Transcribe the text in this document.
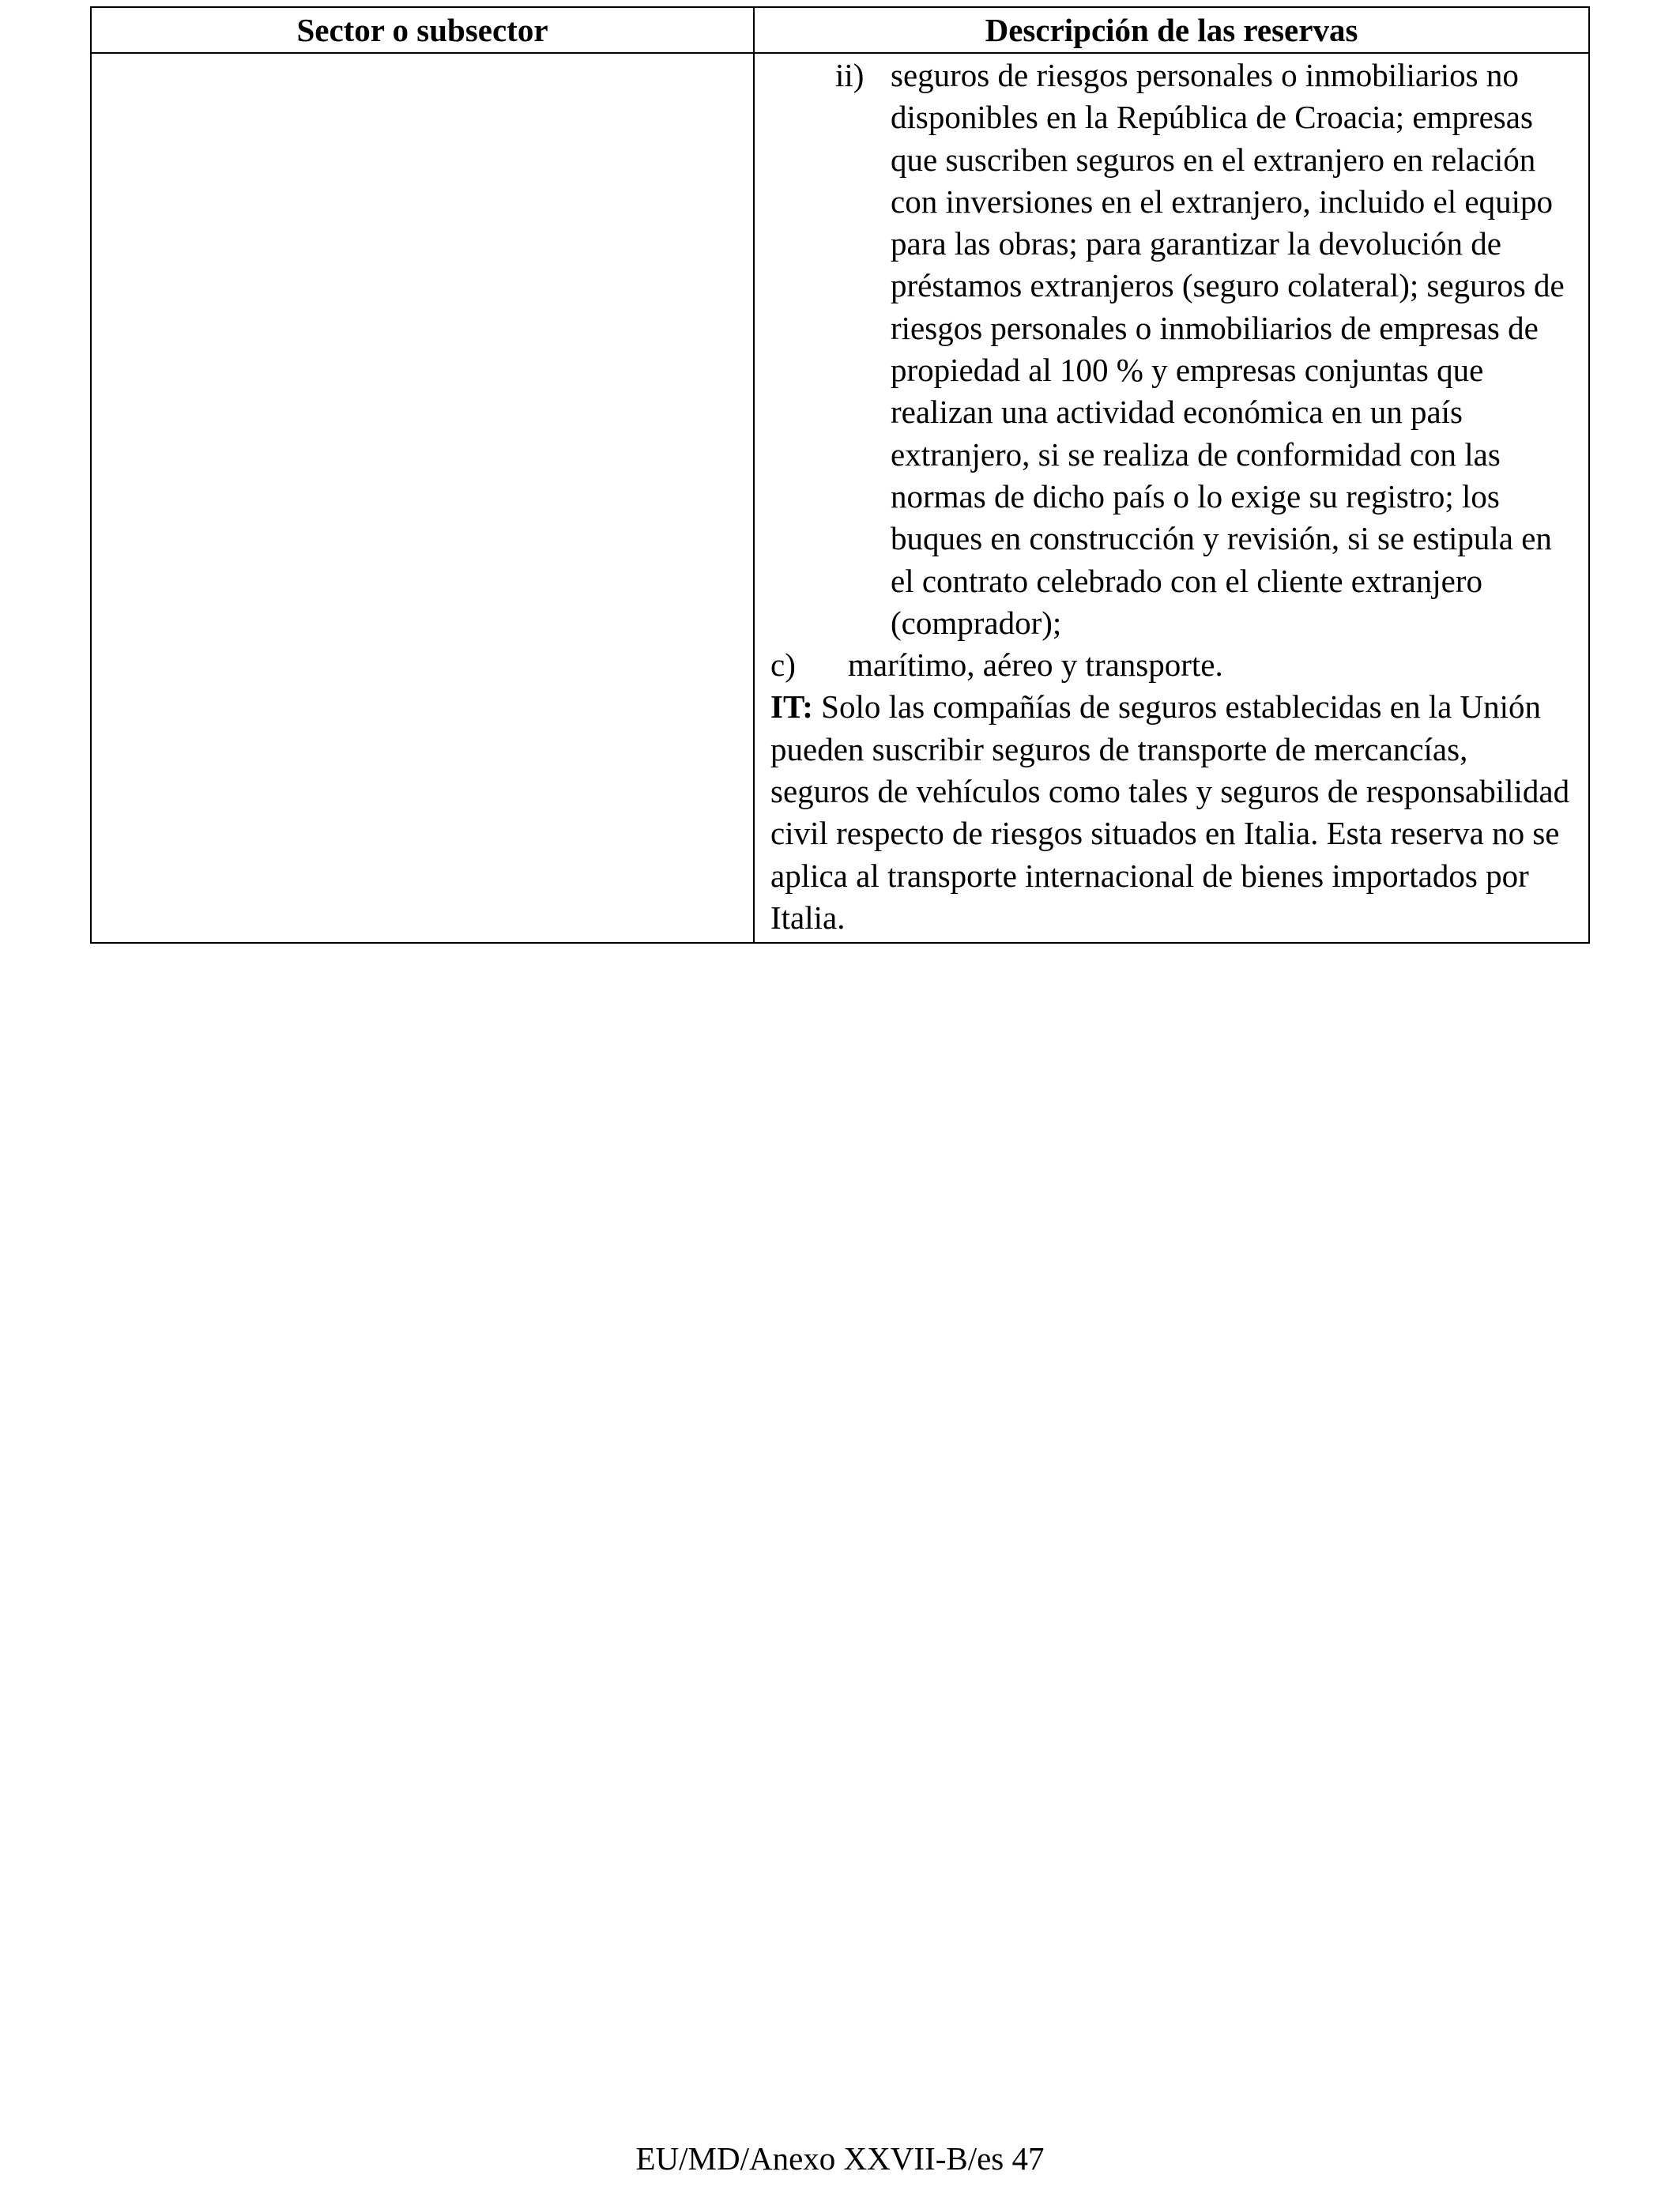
Sector o subsector	Descripción de las reservas

	ii) seguros de riesgos personales o inmobiliarios no disponibles en la República de Croacia; empresas que suscriben seguros en el extranjero en relación con inversiones en el extranjero, incluido el equipo para las obras; para garantizar la devolución de préstamos extranjeros (seguro colateral); seguros de riesgos personales o inmobiliarios de empresas de propiedad al 100 % y empresas conjuntas que realizan una actividad económica en un país extranjero, si se realiza de conformidad con las normas de dicho país o lo exige su registro; los buques en construcción y revisión, si se estipula en el contrato celebrado con el cliente extranjero (comprador);
c) marítimo, aéreo y transporte.

IT: Solo las compañías de seguros establecidas en la Unión pueden suscribir seguros de transporte de mercancías, seguros de vehículos como tales y seguros de responsabilidad civil respecto de riesgos situados en Italia. Esta reserva no se aplica al transporte internacional de bienes importados por Italia.

EU/MD/Anexo XXVII-B/es 47
